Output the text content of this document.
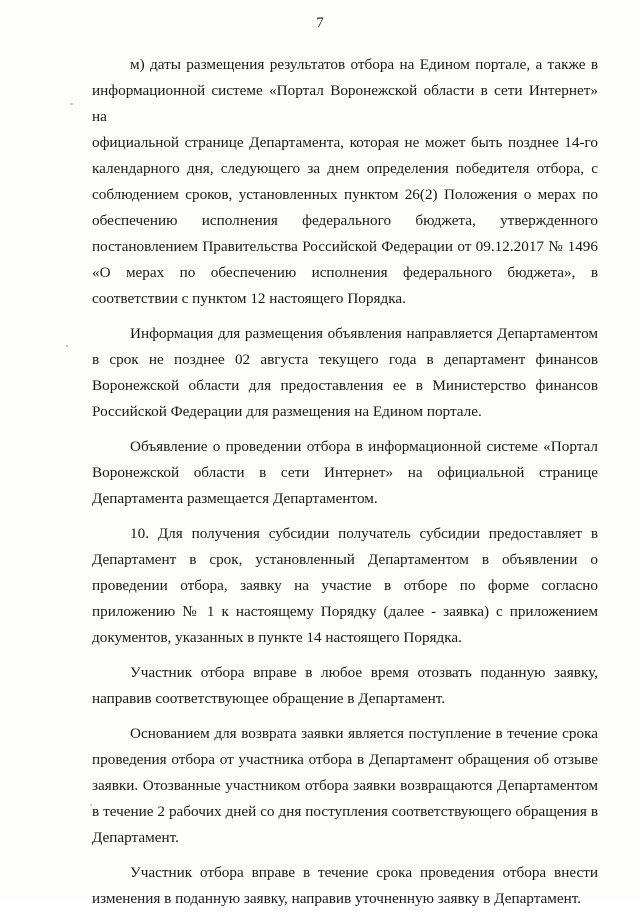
7

м) даты размещения результатов отбора на Едином портале, а также в
информационной системе «Портал Воронежской области в сети Интернет» на
официальной странице Департамента, которая не может быть позднее 14-го
календарного дня, следующего за днем определения победителя отбора, с
соблюдением сроков, установленных пунктом 26(2) Положения о мерах по
обеспечению исполнения федерального бюджета, утвержденного
постановлением Правительства Российской Федерации от 09.12.2017 № 1496
«О мерах по обеспечению исполнения федерального бюджета», в
соответствии с пунктом 12 настоящего Порядка.

Информация для размещения объявления направляется Департаментом
в срок не позднее 02 августа текущего года в департамент финансов
Воронежской области для предоставления ее в Министерство финансов
Российской Федерации для размещения на Едином портале.

Объявление о проведении отбора в информационной системе «Портал
Воронежской области в сети Интернет» на официальной странице
Департамента размещается Департаментом.

10. Для получения субсидии получатель субсидии предоставляет в
Департамент в срок, установленный Департаментом в объявлении о
проведении отбора, заявку на участие в отборе по форме согласно
приложению № 1 к настоящему Порядку (далее - заявка) с приложением
документов, указанных в пункте 14 настоящего Порядка.

Участник отбора вправе в любое время отозвать поданную заявку,
направив соответствующее обращение в Департамент.

Основанием для возврата заявки является поступление в течение срока
проведения отбора от участника отбора в Департамент обращения об отзыве
заявки. Отозванные участником отбора заявки возвращаются Департаментом
в течение 2 рабочих дней со дня поступления соответствующего обращения в
Департамент.

Участник отбора вправе в течение срока проведения отбора внести
изменения в поданную заявку, направив уточненную заявку в Департамент.
